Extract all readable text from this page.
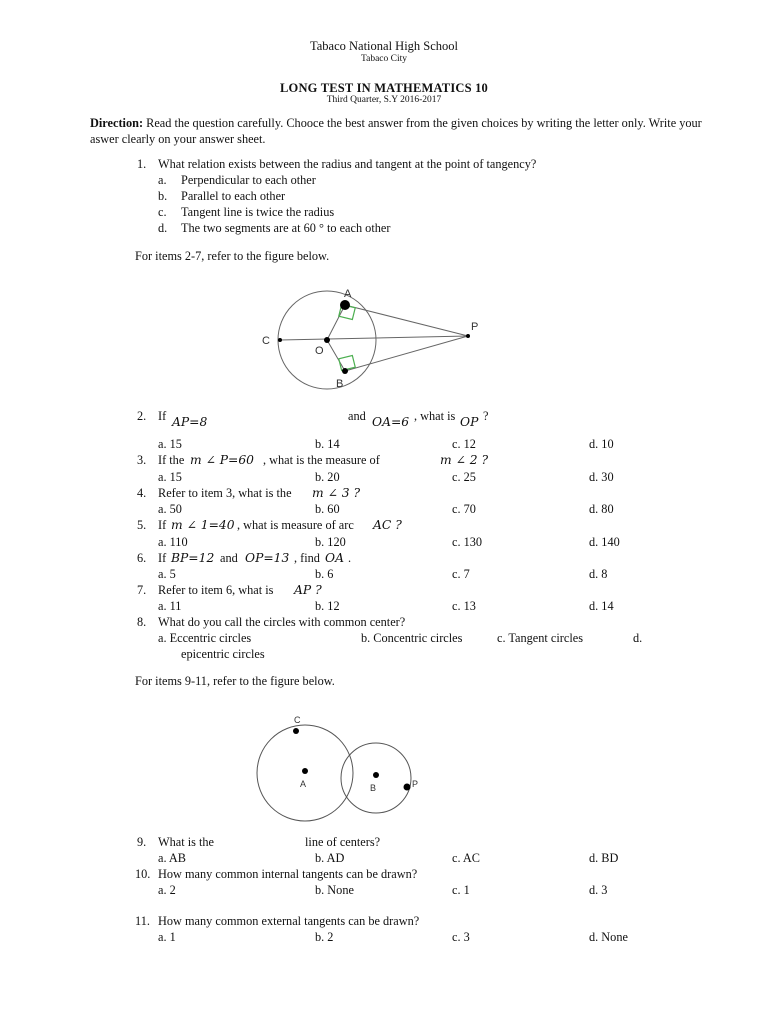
Tabaco National High School
Tabaco City
LONG TEST IN MATHEMATICS 10
Third Quarter, S.Y 2016-2017
Direction: Read the question carefully. Chooce the best answer from the given choices by writing the letter only. Write your aswer clearly on your answer sheet.
1. What relation exists between the radius and tangent at the point of tangency?
a. Perpendicular to each other
b. Parallel to each other
c. Tangent line is twice the radius
d. The two segments are at 60 ° to each other
For items 2-7, refer to the figure below.
A
C
O
P
B
2. If AP=8	and OA=6 , what is OP ?
a. 15	b. 14	c. 12	d. 10
3. If the m ∠ P=60 , what is the measure of	m ∠ 2 ?
a. 15	b. 20	c. 25	d. 30
4. Refer to item 3, what is the m ∠ 3 ?
a. 50	b. 60	c. 70	d. 80
5. If m ∠ 1=40 , what is measure of arc AC ?
a. 110	b. 120	c. 130	d. 140
6. If BP=12 and OP=13 , find OA .
a. 5	b. 6	c. 7	d. 8
7. Refer to item 6, what is AP ?
a. 11	b. 12	c. 13	d. 14
8. What do you call the circles with common center?
a. Eccentric circles	b. Concentric circles	c. Tangent circles	d.
epicentric circles
For items 9-11, refer to the figure below.
C
A	B	P
9. What is the	line of centers?
a. AB	b. AD	c. AC	d. BD
10. How many common internal tangents can be drawn?
a. 2	b. None	c. 1	d. 3
11. How many common external tangents can be drawn?
a. 1	b. 2	c. 3	d. None
